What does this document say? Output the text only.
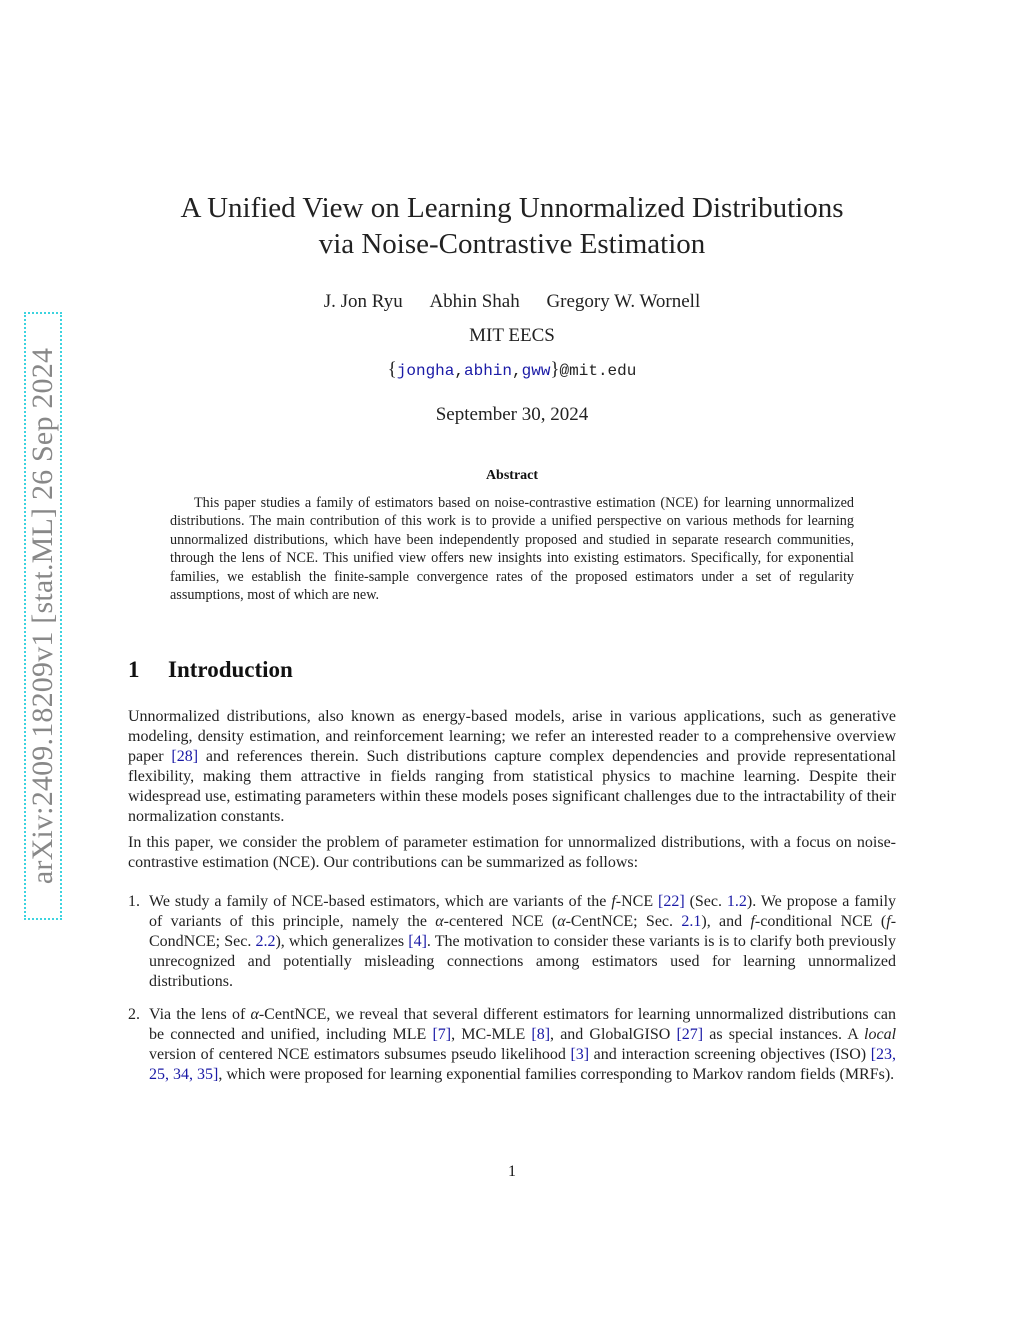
arXiv:2409.18209v1 [stat.ML] 26 Sep 2024
A Unified View on Learning Unnormalized Distributions
via Noise-Contrastive Estimation
J. Jon Ryu Abhin Shah Gregory W. Wornell
MIT EECS
{jongha,abhin,gww}@mit.edu
September 30, 2024
Abstract
This paper studies a family of estimators based on noise-contrastive estimation (NCE) for learning unnormalized distributions. The main contribution of this work is to provide a unified perspective on various methods for learning unnormalized distributions, which have been independently proposed and studied in separate research communities, through the lens of NCE. This unified view offers new insights into existing estimators. Specifically, for exponential families, we establish the finite-sample convergence rates of the proposed estimators under a set of regularity assumptions, most of which are new.
1 Introduction

Unnormalized distributions, also known as energy-based models, arise in various applications, such as generative modeling, density estimation, and reinforcement learning; we refer an interested reader to a comprehensive overview paper [28] and references therein. Such distributions capture complex dependencies and provide representational flexibility, making them attractive in fields ranging from statistical physics to machine learning. Despite their widespread use, estimating parameters within these models poses significant challenges due to the intractability of their normalization constants.

In this paper, we consider the problem of parameter estimation for unnormalized distributions, with a focus on noise-contrastive estimation (NCE). Our contributions can be summarized as follows:

1. We study a family of NCE-based estimators, which are variants of the f-NCE [22] (Sec. 1.2). We propose a family of variants of this principle, namely the α-centered NCE (α-CentNCE; Sec. 2.1), and f-conditional NCE (f-CondNCE; Sec. 2.2), which generalizes [4]. The motivation to consider these variants is is to clarify both previously unrecognized and potentially misleading connections among estimators used for learning unnormalized distributions.
2. Via the lens of α-CentNCE, we reveal that several different estimators for learning unnormalized distributions can be connected and unified, including MLE [7], MC-MLE [8], and GlobalGISO [27] as special instances. A local version of centered NCE estimators subsumes pseudo likelihood [3] and interaction screening objectives (ISO) [23, 25, 34, 35], which were proposed for learning exponential families corresponding to Markov random fields (MRFs).
1
